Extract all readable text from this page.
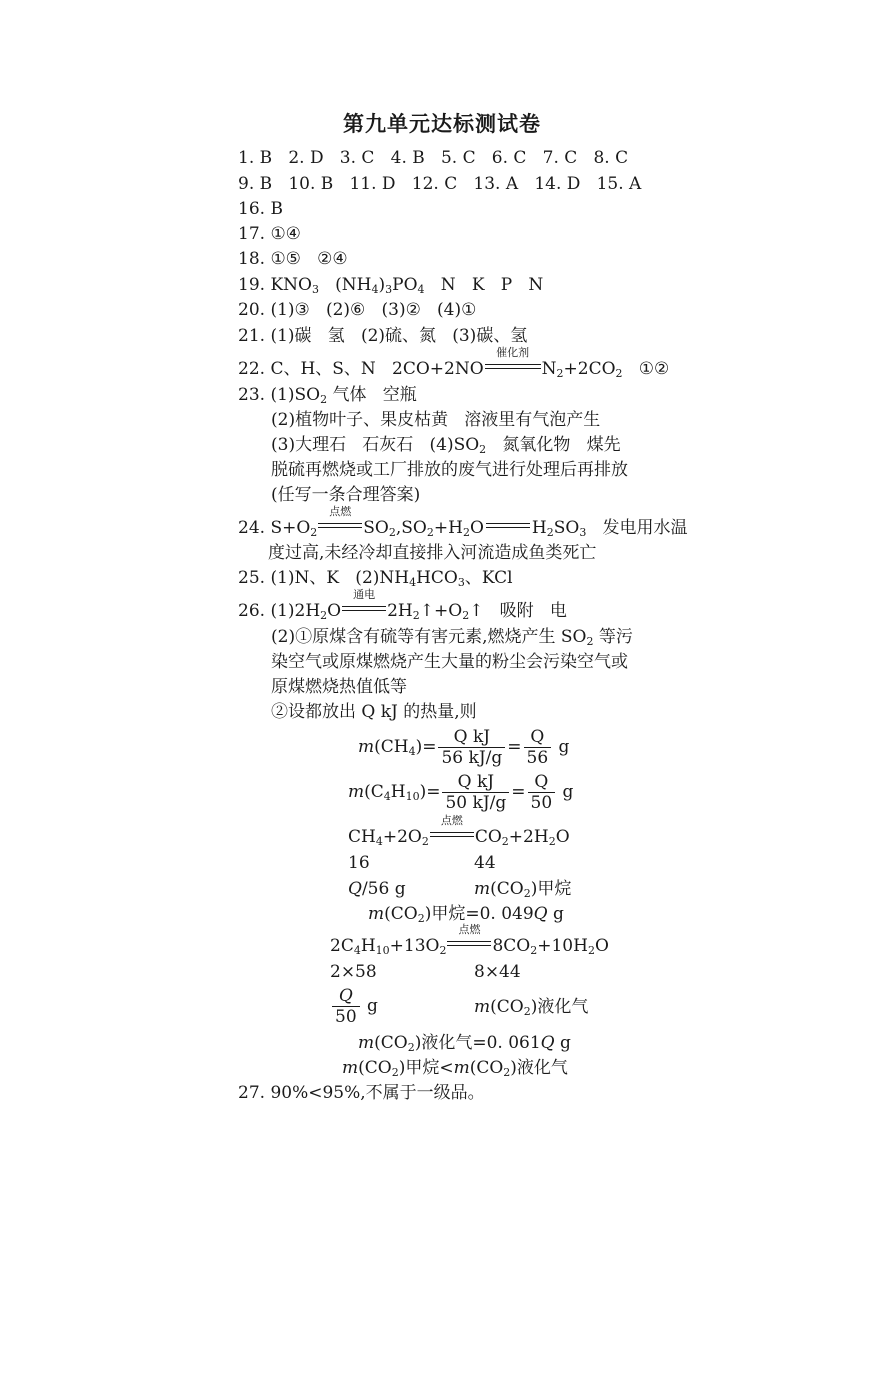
第九单元达标测试卷
1. B   2. D   3. C   4. B   5. C   6. C   7. C   8. C
9. B   10. B   11. D   12. C   13. A   14. D   15. A
16. B
17. ①④
18. ①⑤   ②④
19. $KNO_3$   $(NH_4)_3PO_4$   N   K   P   N
20. (1)③   (2)⑥   (3)②   (4)①
21. (1)碳   氢   (2)硫、氮   (3)碳、氢
22. C、H、S、N   2CO+2NO
催化剂
$N_2+2CO_2$   ①②
23. $(1)SO_2$ 气体   空瓶
(2)植物叶子、果皮枯黄   溶液里有气泡产生
(3)大理石   石灰石   $(4)SO_2$   氮氧化物   煤先
脱硫再燃烧或工厂排放的废气进行处理后再排放
(任写一条合理答案)
24. $S+O_2$
点燃
$SO_2,SO_2+H_2O$	$H_2SO_3$   发电用水温
度过高,未经冷却直接排入河流造成鱼类死亡
25. (1)N、K   $(2)NH_4HCO_3$、KCl
26. $(1)2H_2O$
通电
$2H_2↑+O_2↑$   吸附   电
(2)①原煤含有硫等有害元素,燃烧产生 $SO_2$ 等污
染空气或原煤燃烧产生大量的粉尘会污染空气或
原煤燃烧热值低等
②设都放出 Q kJ 的热量,则
$m(CH_4)= \frac{\text{Q kJ}}{56 kJ/g} = \frac{Q}{56}$ g
$m(C_4H_{10})= \frac{\text{Q kJ}}{50 kJ/g} = \frac{Q}{50}$ g
$CH_4+2O_2$
点燃
$CO_2+2H_2O$
16	44
Q/56 g	$m(CO_2)$甲烷
$m(CO_2)$甲烷=0. 049Q g
$2C_4H_{10}+13O_2$
点燃
$8CO_2+10H_2O$
2×58	8×44
$\frac{Q}{50}$ g	$m(CO_2)$液化气
$m(CO_2)$液化气=0. 061Q g
$m(CO_2)$甲烷$<m(CO_2)$液化气
27. 90%<95%,不属于一级品。
